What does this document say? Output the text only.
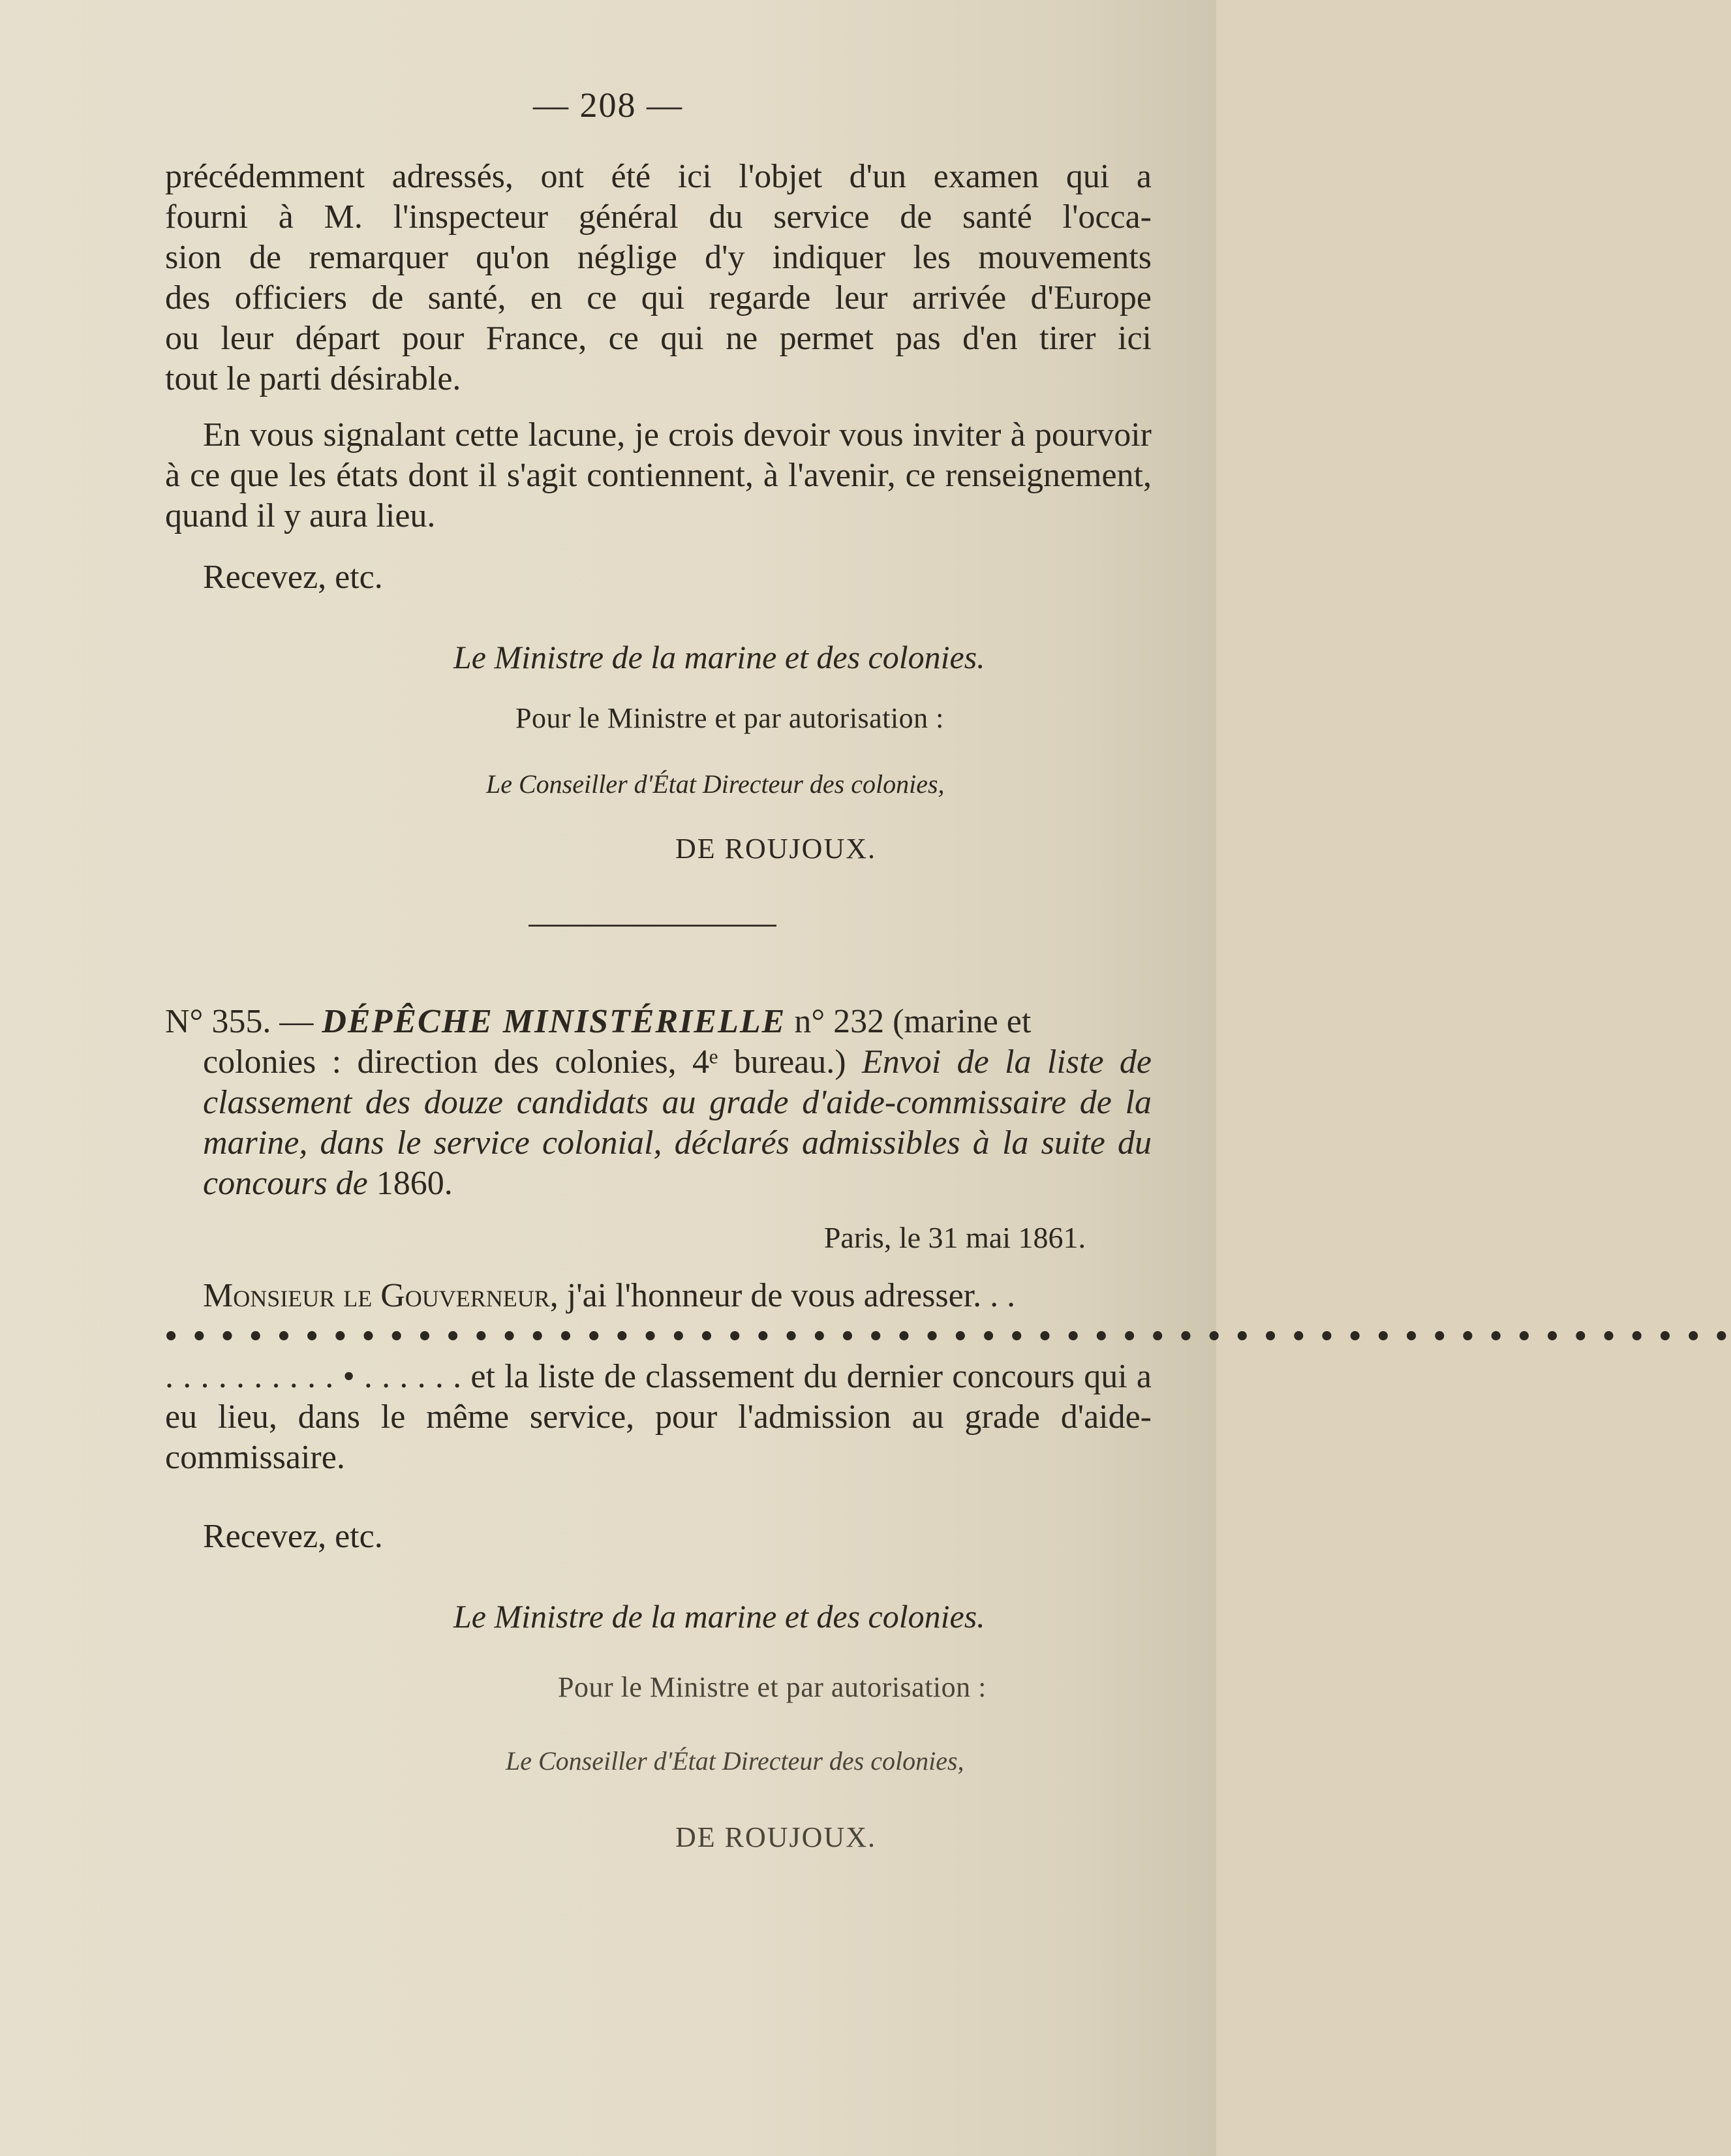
— 208 —
précédemment adressés, ont été ici l'objet d'un examen qui a
fourni à M. l'inspecteur général du service de santé l'occa-
sion de remarquer qu'on néglige d'y indiquer les mouvements
des officiers de santé, en ce qui regarde leur arrivée d'Europe
ou leur départ pour France, ce qui ne permet pas d'en tirer ici
tout le parti désirable.
En vous signalant cette lacune, je crois devoir vous inviter à pourvoir à ce que les états dont il s'agit contiennent, à l'avenir, ce renseignement, quand il y aura lieu.
Recevez, etc.
Le Ministre de la marine et des colonies.
Pour le Ministre et par autorisation :
Le Conseiller d'État Directeur des colonies,
DE ROUJOUX.
N° 355. — DÉPÊCHE MINISTÉRIELLE n° 232 (marine et
colonies : direction des colonies, 4ᵉ bureau.) Envoi de la liste de classement des douze candidats au grade d'aide-commissaire de la marine, dans le service colonial, déclarés admissibles à la suite du concours de 1860.
Paris, le 31 mai 1861.
Monsieur le Gouverneur, j'ai l'honneur de vous adresser. . .
• • • • • • • • • • • • • • • • • • • • • • • • • • • • • • • • • • • • • • • • • • • • • • • • • • • • • • • •
. . . . . . . . . . • . . . . . . et la liste de classement du dernier concours qui a eu lieu, dans le même service, pour l'admission au grade d'aide-commissaire.
Recevez, etc.
Le Ministre de la marine et des colonies.
Pour le Ministre et par autorisation :
Le Conseiller d'État Directeur des colonies,
DE ROUJOUX.
